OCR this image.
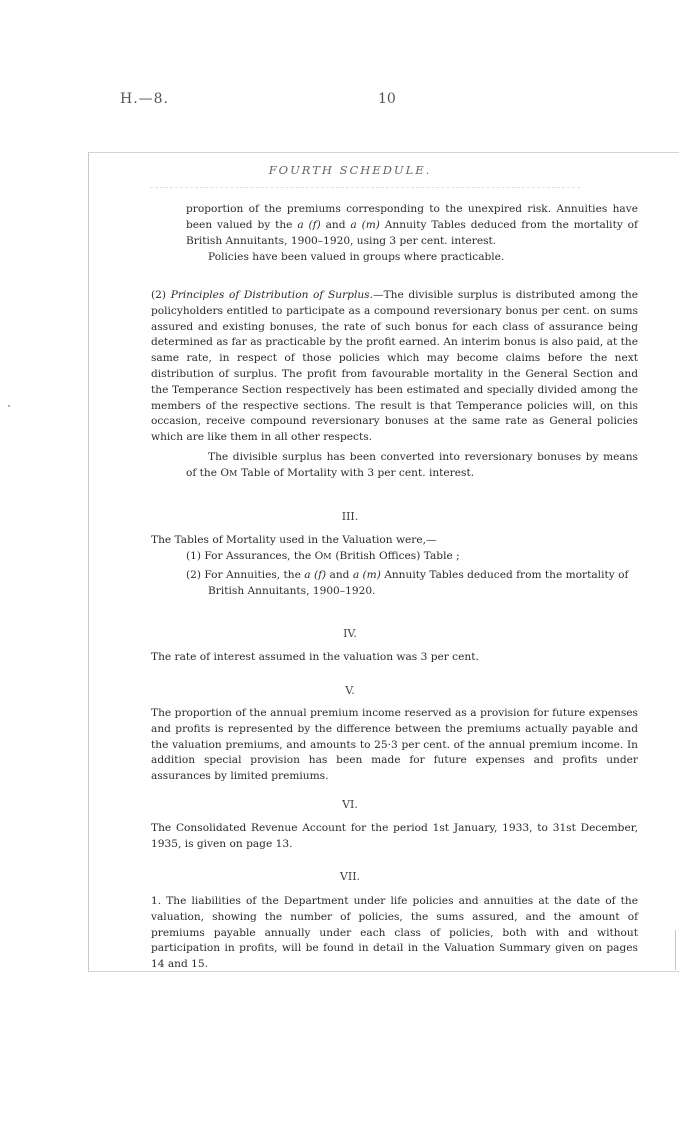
H.—8.	10
FOURTH SCHEDULE.

proportion of the premiums corresponding to the unexpired risk. Annuities have been valued by the a (f) and a (m) Annuity Tables deduced from the mortality of British Annuitants, 1900–1920, using 3 per cent. interest.

Policies have been valued in groups where practicable.

(2) Principles of Distribution of Surplus.—The divisible surplus is distributed among the policyholders entitled to participate as a compound reversionary bonus per cent. on sums assured and existing bonuses, the rate of such bonus for each class of assurance being determined as far as practicable by the profit earned. An interim bonus is also paid, at the same rate, in respect of those policies which may become claims before the next distribution of surplus. The profit from favourable mortality in the General Section and the Temperance Section respectively has been estimated and specially divided among the members of the respective sections. The result is that Temperance policies will, on this occasion, receive compound reversionary bonuses at the same rate as General policies which are like them in all other respects.

The divisible surplus has been converted into reversionary bonuses by means of the OM Table of Mortality with 3 per cent. interest.

III.

The Tables of Mortality used in the Valuation were,—

(1) For Assurances, the OM (British Offices) Table ;

(2) For Annuities, the a (f) and a (m) Annuity Tables deduced from the mortality of British Annuitants, 1900–1920.

IV.

The rate of interest assumed in the valuation was 3 per cent.

V.

The proportion of the annual premium income reserved as a provision for future expenses and profits is represented by the difference between the premiums actually payable and the valuation premiums, and amounts to 25·3 per cent. of the annual premium income. In addition special provision has been made for future expenses and profits under assurances by limited premiums.

VI.

The Consolidated Revenue Account for the period 1st January, 1933, to 31st December, 1935, is given on page 13.

VII.

1. The liabilities of the Department under life policies and annuities at the date of the valuation, showing the number of policies, the sums assured, and the amount of premiums payable annually under each class of policies, both with and without participation in profits, will be found in detail in the Valuation Summary given on pages 14 and 15.
